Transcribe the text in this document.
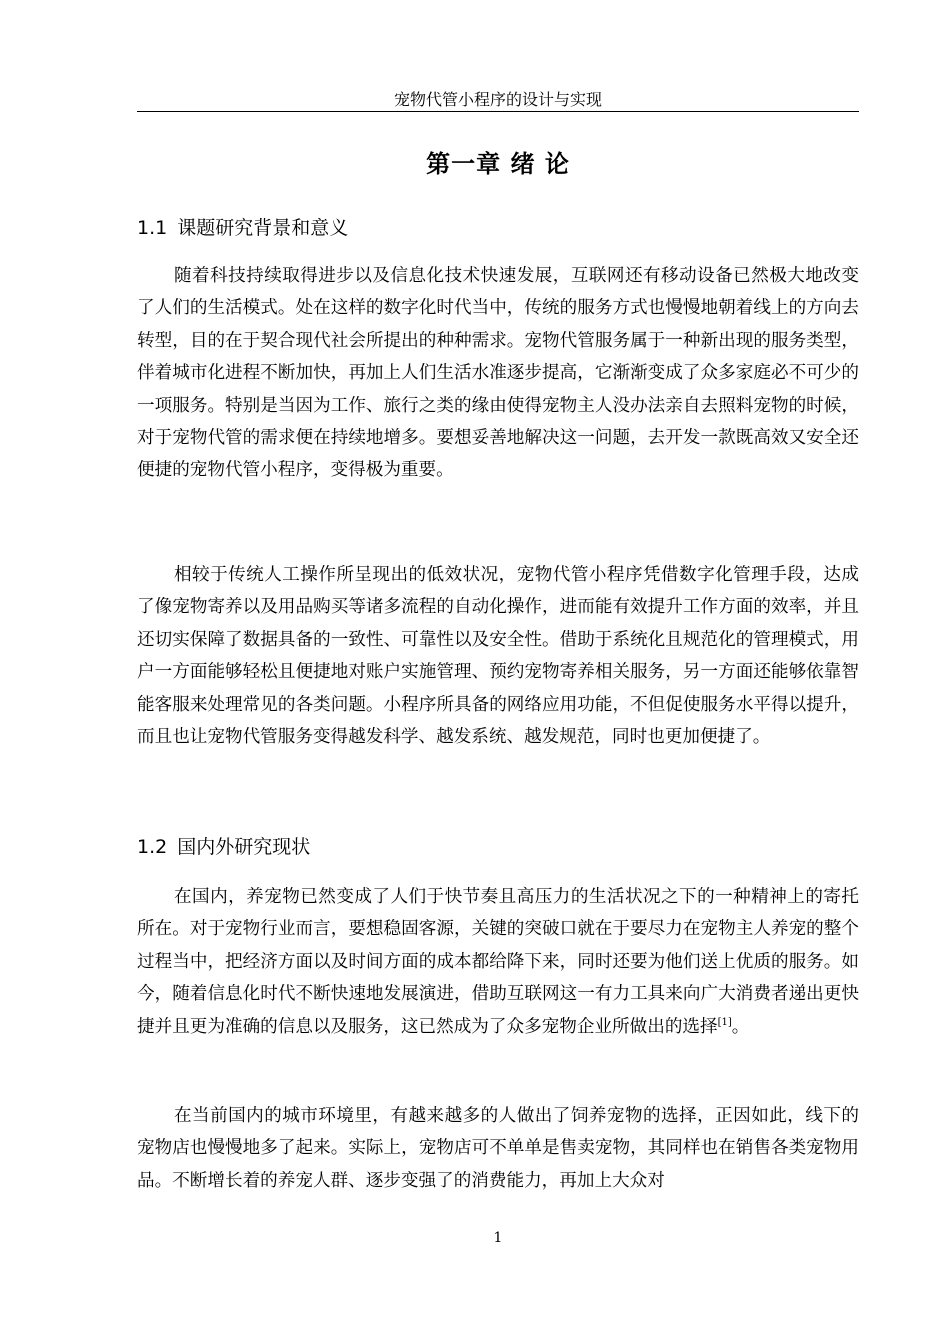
宠物代管小程序的设计与实现
第一章 绪 论
1.1 课题研究背景和意义

随着科技持续取得进步以及信息化技术快速发展，互联网还有移动设备已然极大地改变了人们的生活模式。处在这样的数字化时代当中，传统的服务方式也慢慢地朝着线上的方向去转型，目的在于契合现代社会所提出的种种需求。宠物代管服务属于一种新出现的服务类型，伴着城市化进程不断加快，再加上人们生活水准逐步提高，它渐渐变成了众多家庭必不可少的一项服务。特别是当因为工作、旅行之类的缘由使得宠物主人没办法亲自去照料宠物的时候，对于宠物代管的需求便在持续地增多。要想妥善地解决这一问题，去开发一款既高效又安全还便捷的宠物代管小程序，变得极为重要。

相较于传统人工操作所呈现出的低效状况，宠物代管小程序凭借数字化管理手段，达成了像宠物寄养以及用品购买等诸多流程的自动化操作，进而能有效提升工作方面的效率，并且还切实保障了数据具备的一致性、可靠性以及安全性。借助于系统化且规范化的管理模式，用户一方面能够轻松且便捷地对账户实施管理、预约宠物寄养相关服务，另一方面还能够依靠智能客服来处理常见的各类问题。小程序所具备的网络应用功能，不但促使服务水平得以提升，而且也让宠物代管服务变得越发科学、越发系统、越发规范，同时也更加便捷了。

1.2 国内外研究现状

在国内，养宠物已然变成了人们于快节奏且高压力的生活状况之下的一种精神上的寄托所在。对于宠物行业而言，要想稳固客源，关键的突破口就在于要尽力在宠物主人养宠的整个过程当中，把经济方面以及时间方面的成本都给降下来，同时还要为他们送上优质的服务。如今，随着信息化时代不断快速地发展演进，借助互联网这一有力工具来向广大消费者递出更快捷并且更为准确的信息以及服务，这已然成为了众多宠物企业所做出的选择[1]。

在当前国内的城市环境里，有越来越多的人做出了饲养宠物的选择，正因如此，线下的宠物店也慢慢地多了起来。实际上，宠物店可不单单是售卖宠物，其同样也在销售各类宠物用品。不断增长着的养宠人群、逐步变强了的消费能力，再加上大众对

1
